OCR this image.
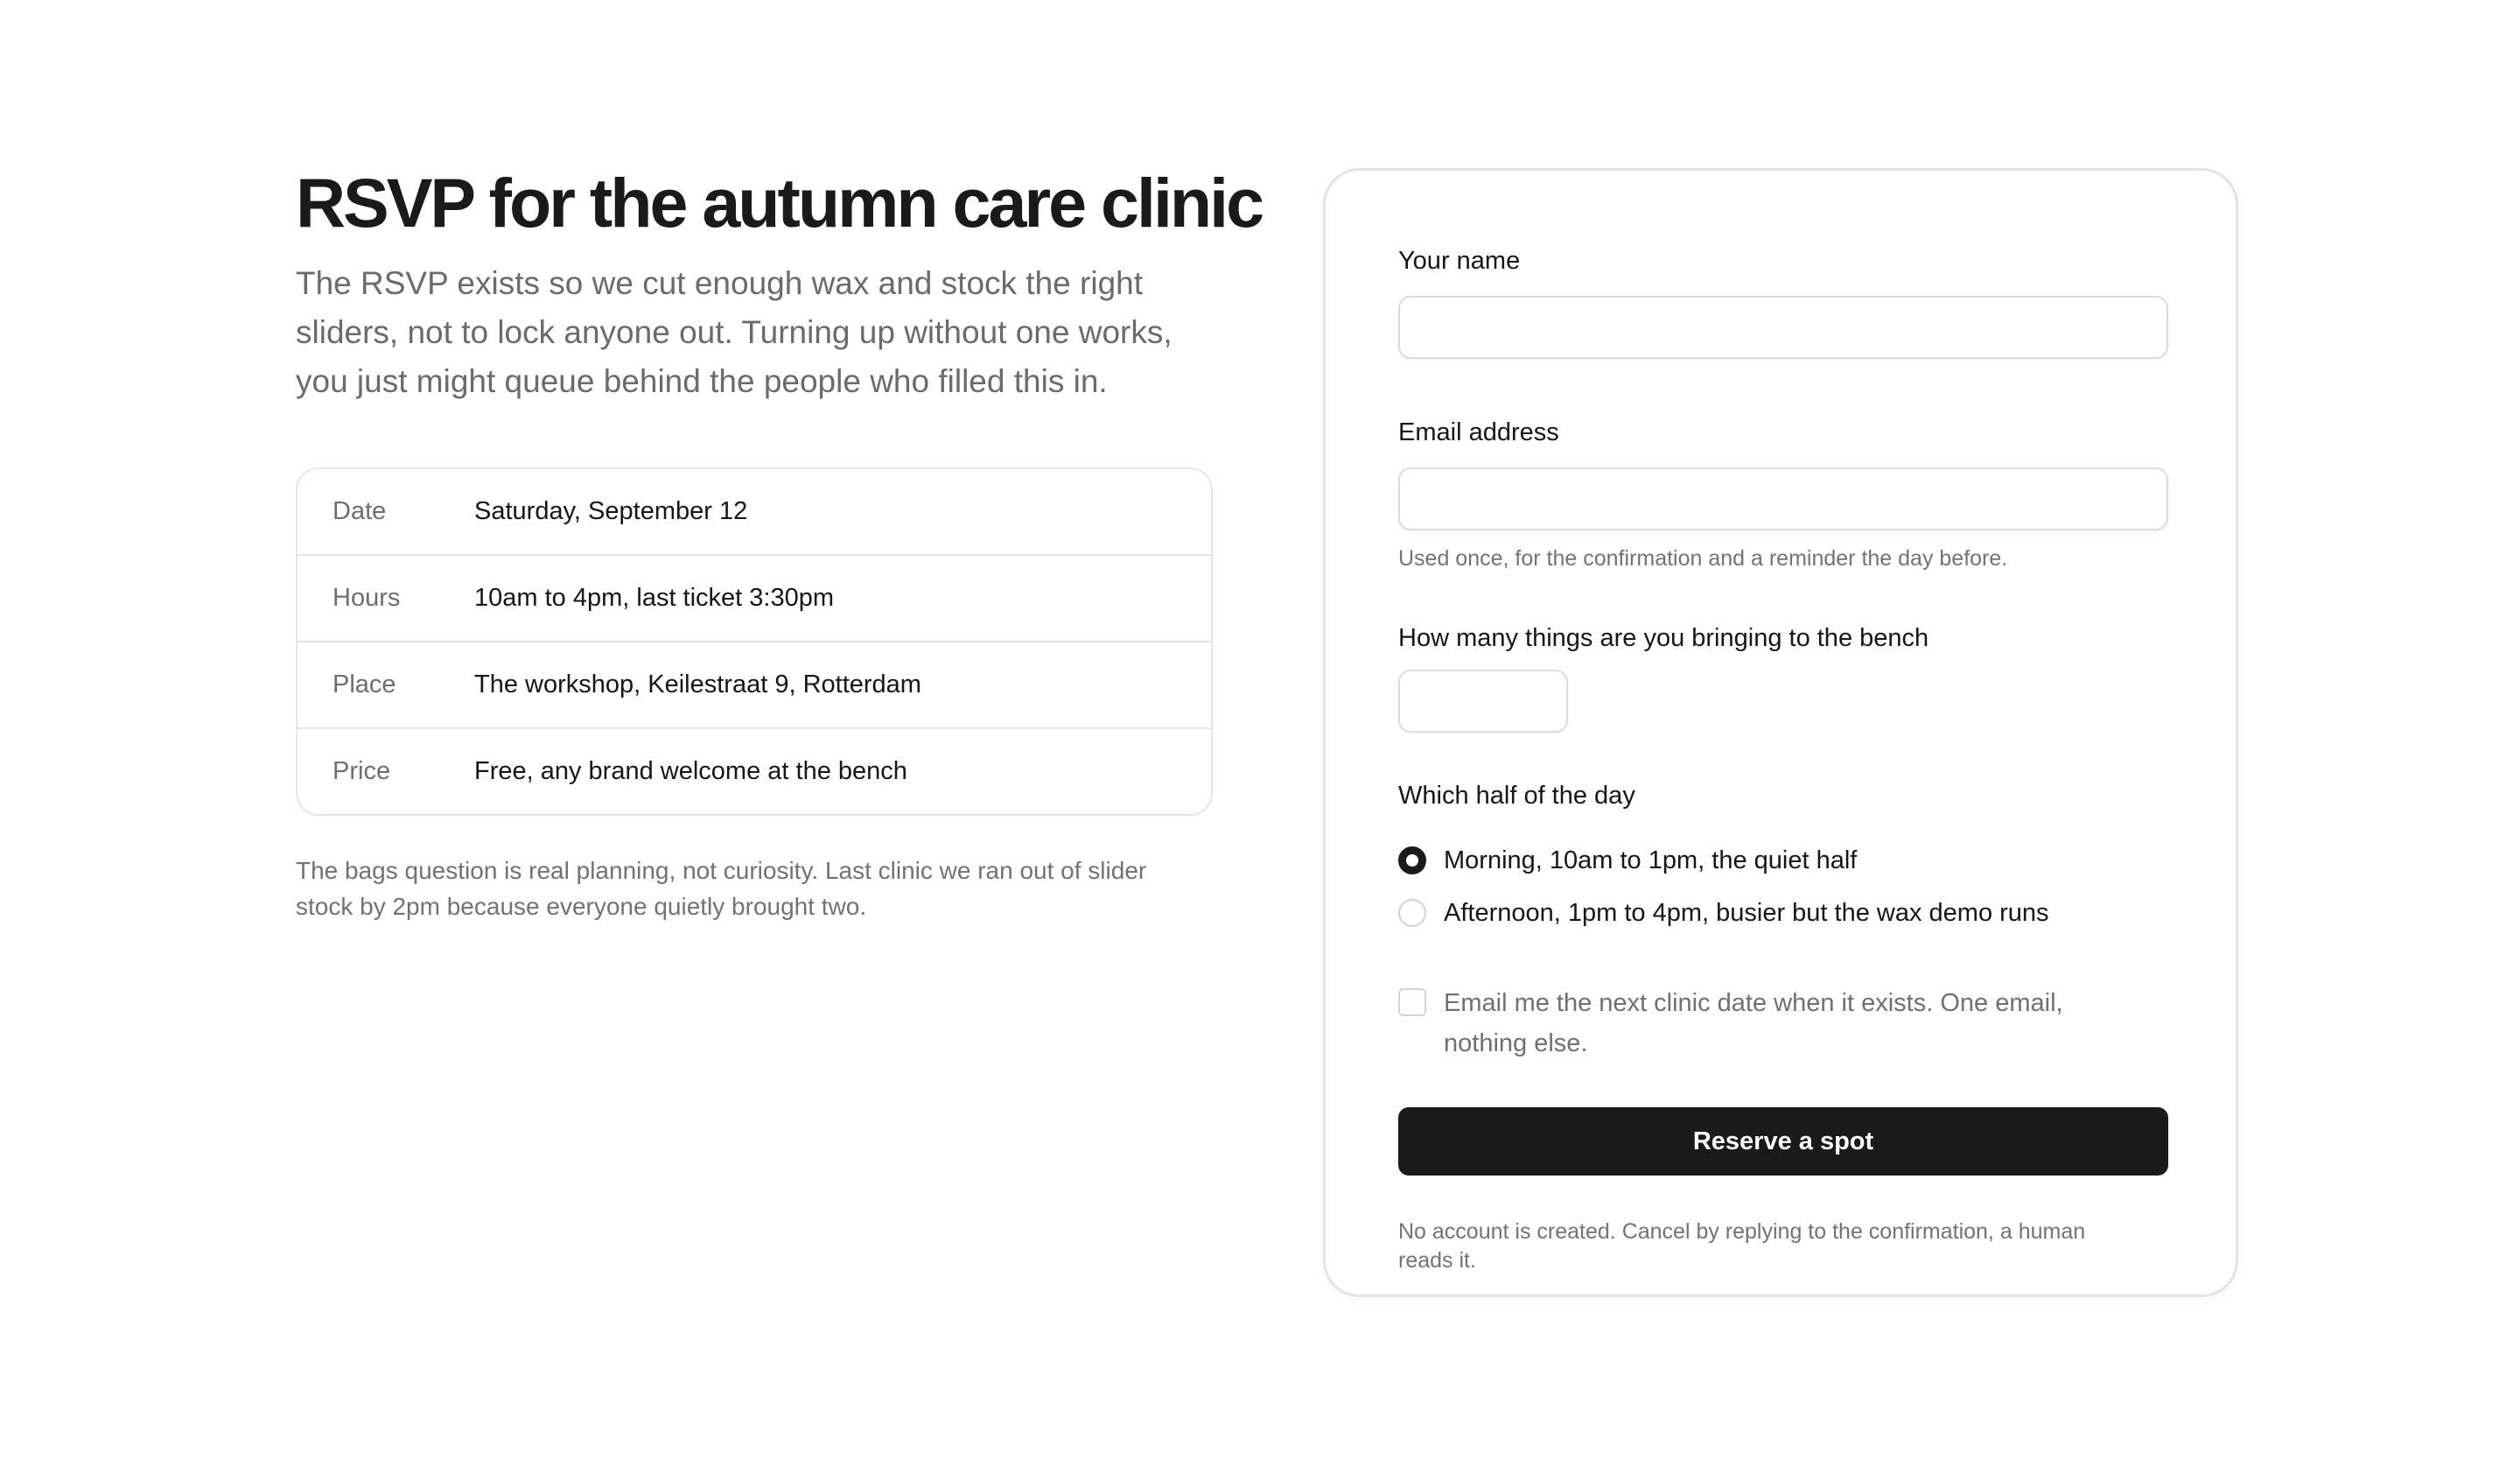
RSVP for the autumn care clinic

The RSVP exists so we cut enough wax and stock the right sliders, not to lock anyone out. Turning up without one works, you just might queue behind the people who filled this in.

Date	Saturday, September 12
Hours	10am to 4pm, last ticket 3:30pm
Place	The workshop, Keilestraat 9, Rotterdam
Price	Free, any brand welcome at the bench

The bags question is real planning, not curiosity. Last clinic we ran out of slider stock by 2pm because everyone quietly brought two.

Your name
Email address

Used once, for the confirmation and a reminder the day before.

How many things are you bringing to the bench
Which half of the day
Morning, 10am to 1pm, the quiet half
Afternoon, 1pm to 4pm, busier but the wax demo runs
Email me the next clinic date when it exists. One email, nothing else.
Reserve a spot

No account is created. Cancel by replying to the confirmation, a human reads it.
